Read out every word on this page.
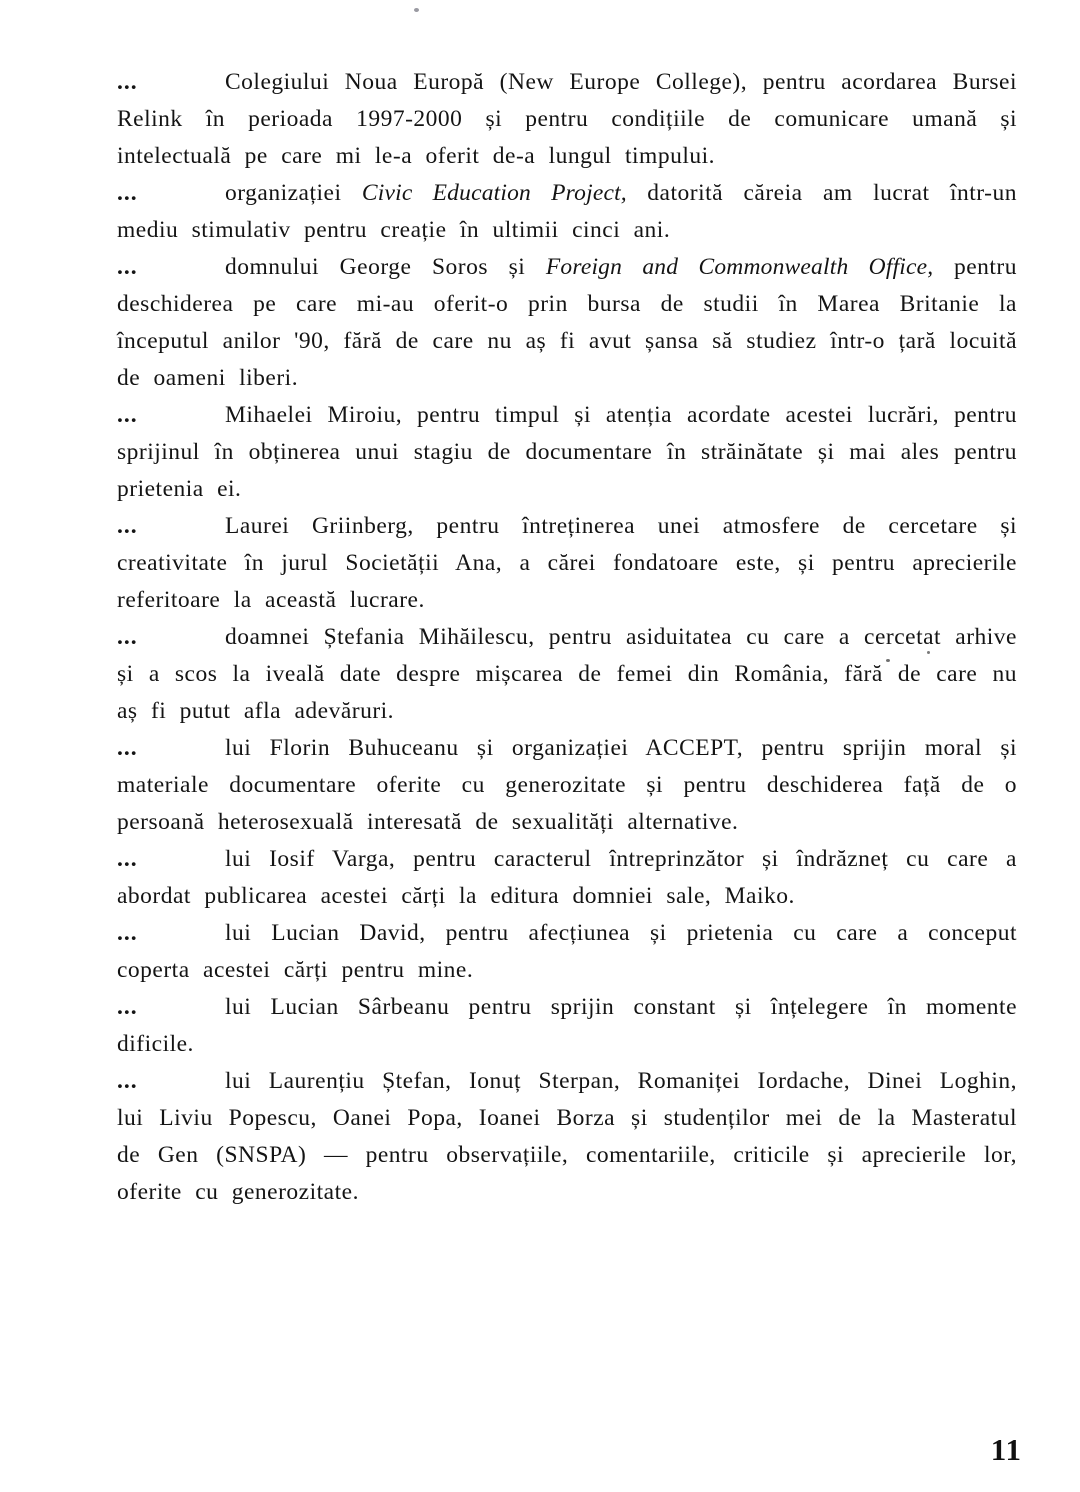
...	Colegiului Noua Europă (New Europe College), pentru acordarea Bursei Relink în perioada 1997-2000 și pentru condițiile de comunicare umană și intelectuală pe care mi le-a oferit de-a lungul timpului.

...	organizației Civic Education Project, datorită căreia am lucrat într-un mediu stimulativ pentru creație în ultimii cinci ani.

...	domnului George Soros și Foreign and Commonwealth Office, pentru deschiderea pe care mi-au oferit-o prin bursa de studii în Marea Britanie la începutul anilor '90, fără de care nu aș fi avut șansa să studiez într-o țară locuită de oameni liberi.

...	Mihaelei Miroiu, pentru timpul și atenția acordate acestei lucrări, pentru sprijinul în obținerea unui stagiu de documentare în străinătate și mai ales pentru prietenia ei.

...	Laurei Griinberg, pentru întreținerea unei atmosfere de cercetare și creativitate în jurul Societății Ana, a cărei fondatoare este, și pentru aprecierile referitoare la această lucrare.

...	doamnei Ștefania Mihăilescu, pentru asiduitatea cu care a cercetat arhive și a scos la iveală date despre mișcarea de femei din România, fără de care nu aș fi putut afla adevăruri.

...	lui Florin Buhuceanu și organizației ACCEPT, pentru sprijin moral și materiale documentare oferite cu generozitate și pentru deschiderea față de o persoană heterosexuală interesată de sexualități alternative.

...	lui Iosif Varga, pentru caracterul întreprinzător și îndrăzneț cu care a abordat publicarea acestei cărți la editura domniei sale, Maiko.

...	lui Lucian David, pentru afecțiunea și prietenia cu care a conceput coperta acestei cărți pentru mine.

...	lui Lucian Sârbeanu pentru sprijin constant și înțelegere în momente dificile.

...	lui Laurențiu Ștefan, Ionuț Sterpan, Romaniței Iordache, Dinei Loghin, lui Liviu Popescu, Oanei Popa, Ioanei Borza și studenților mei de la Masteratul de Gen (SNSPA) — pentru observațiile, comentariile, criticile și aprecierile lor, oferite cu generozitate.

11
